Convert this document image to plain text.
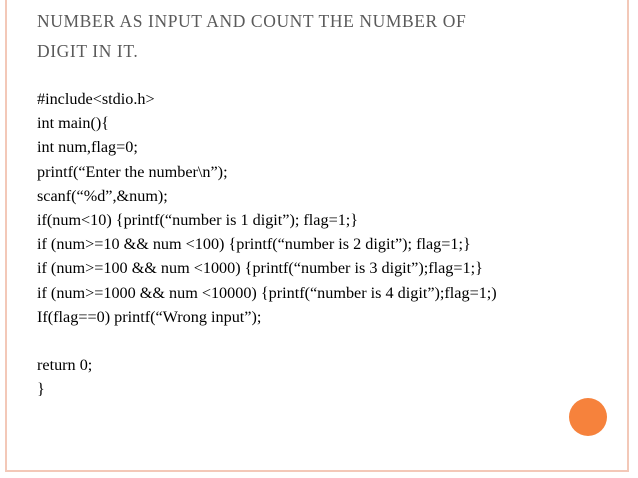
NUMBER AS INPUT AND COUNT THE NUMBER OF
DIGIT IN IT.
#include<stdio.h>
int main(){
int num,flag=0;
printf(“Enter the number\n”);
scanf(“%d”,&num);
if(num<10) {printf(“number is 1 digit”); flag=1;}
if (num>=10 && num <100) {printf(“number is 2 digit”); flag=1;}
if (num>=100 && num <1000) {printf(“number is 3 digit”);flag=1;}
if (num>=1000 && num <10000) {printf(“number is 4 digit”);flag=1;)
If(flag==0) printf(“Wrong input”);
return 0;
}
